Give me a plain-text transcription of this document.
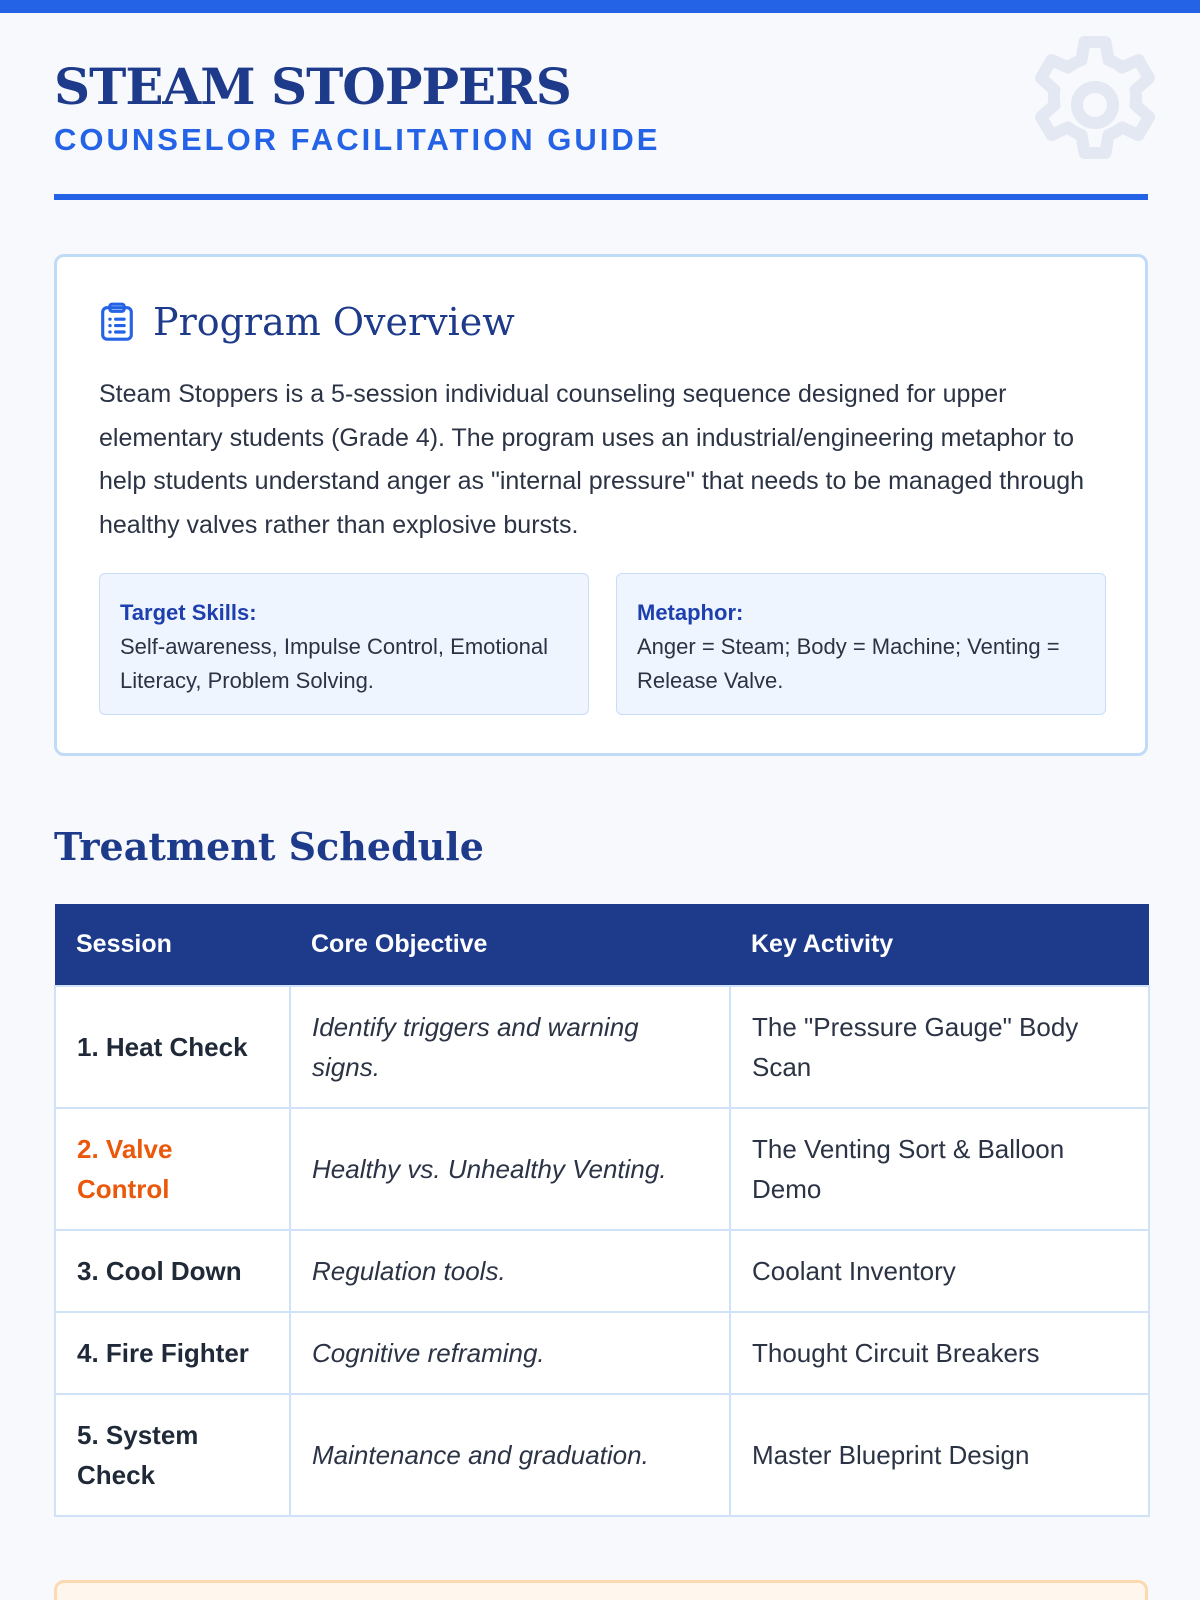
STEAM STOPPERS
COUNSELOR FACILITATION GUIDE
Program Overview

Steam Stoppers is a 5-session individual counseling sequence designed for upper elementary students (Grade 4). The program uses an industrial/engineering metaphor to help students understand anger as "internal pressure" that needs to be managed through healthy valves rather than explosive bursts.

Target Skills:
Self-awareness, Impulse Control, Emotional Literacy, Problem Solving.
Metaphor:
Anger = Steam; Body = Machine; Venting = Release Valve.
Treatment Schedule
Session	Core Objective	Key Activity
1. Heat Check	Identify triggers and warning signs.	The "Pressure Gauge" Body Scan
2. Valve Control	Healthy vs. Unhealthy Venting.	The Venting Sort & Balloon Demo
3. Cool Down	Regulation tools.	Coolant Inventory
4. Fire Fighter	Cognitive reframing.	Thought Circuit Breakers
5. System Check	Maintenance and graduation.	Master Blueprint Design
